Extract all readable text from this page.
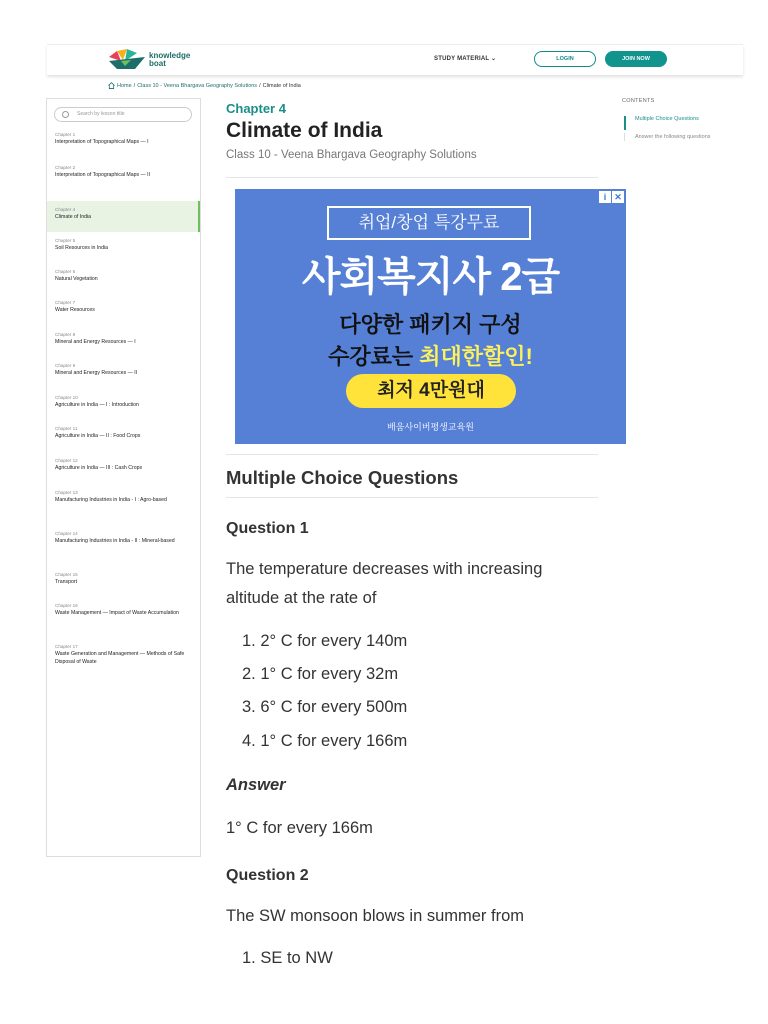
knowledge
boat	STUDY MATERIAL ⌄	LOGIN	JOIN NOW
Home / Class 10 - Veena Bhargava Geography Solutions / Climate of India
Search by lesson title
Chapter 1
Interpretation of Topographical Maps — I
Chapter 2
Interpretation of Topographical Maps — II
Chapter 4
Climate of India
Chapter 5
Soil Resources in India
Chapter 6
Natural Vegetation
Chapter 7
Water Resources
Chapter 8
Mineral and Energy Resources — I
Chapter 9
Mineral and Energy Resources — II
Chapter 10
Agriculture in India — I : Introduction
Chapter 11
Agriculture in India — II : Food Crops
Chapter 12
Agriculture in India — III : Cash Crops
Chapter 13
Manufacturing Industries in India - I : Agro-based
Chapter 14
Manufacturing Industries in India - II : Mineral-based
Chapter 15
Transport
Chapter 16
Waste Management — Impact of Waste Accumulation
Chapter 17
Waste Generation and Management — Methods of Safe Disposal of Waste
Chapter 4
Climate of India
Class 10 - Veena Bhargava Geography Solutions
i ✕
취업/창업 특강무료
사회복지사 2급
다양한 패키지 구성
수강료는 최대한할인!
최저 4만원대
배움사이버평생교육원
Multiple Choice Questions
Question 1
The temperature decreases with increasing altitude at the rate of
1. 2° C for every 140m
2. 1° C for every 32m
3. 6° C for every 500m
4. 1° C for every 166m
Answer
1° C for every 166m
Question 2
The SW monsoon blows in summer from
1. SE to NW
CONTENTS
Multiple Choice Questions
Answer the following questions
